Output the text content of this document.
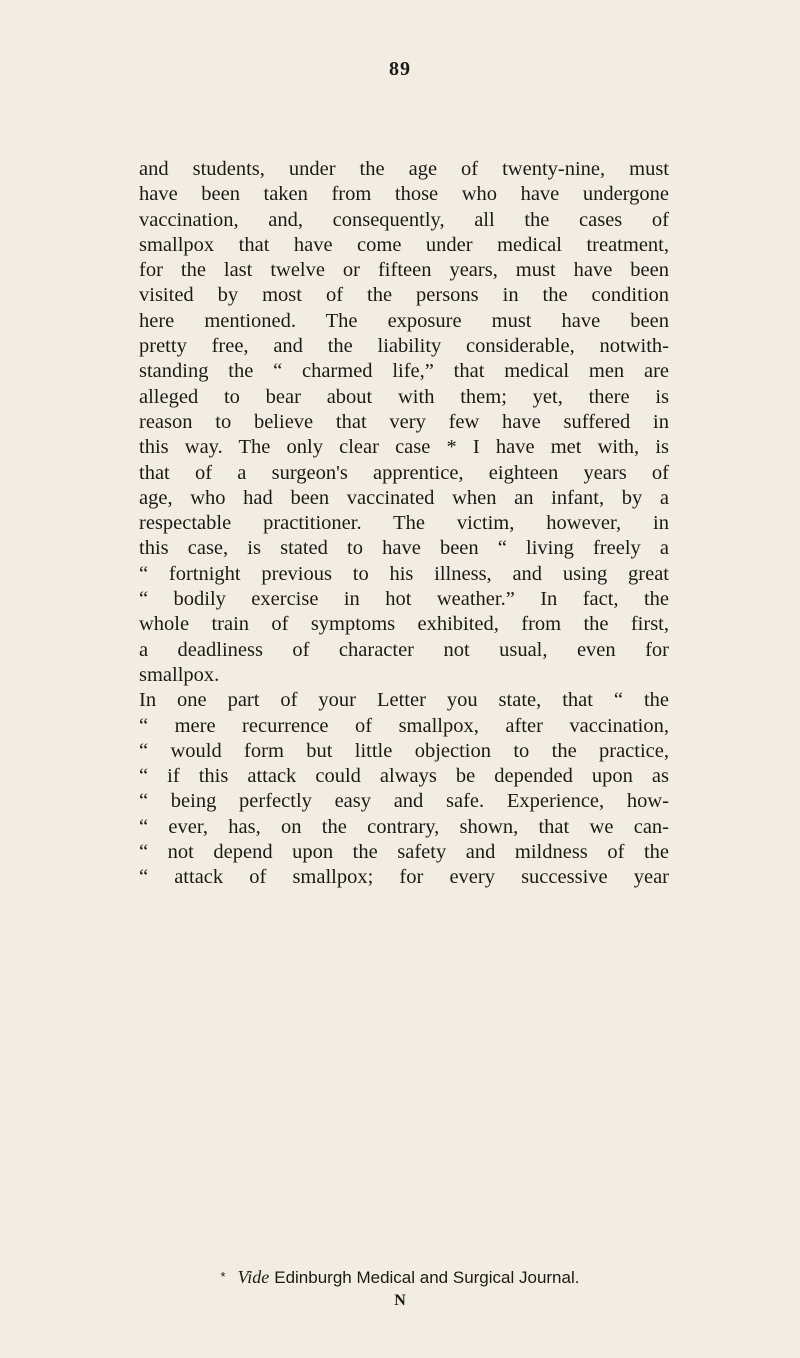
89
and students, under the age of twenty-nine, must
have been taken from those who have undergone
vaccination, and, consequently, all the cases of
smallpox that have come under medical treatment,
for the last twelve or fifteen years, must have been
visited by most of the persons in the condition
here mentioned. The exposure must have been
pretty free, and the liability considerable, notwith-
standing the “ charmed life,” that medical men are
alleged to bear about with them; yet, there is
reason to believe that very few have suffered in
this way. The only clear case * I have met with, is
that of a surgeon's apprentice, eighteen years of
age, who had been vaccinated when an infant, by a
respectable practitioner. The victim, however, in
this case, is stated to have been “ living freely a
“ fortnight previous to his illness, and using great
“ bodily exercise in hot weather.” In fact, the
whole train of symptoms exhibited, from the first,
a deadliness of character not usual, even for
smallpox.
In one part of your Letter you state, that “ the
“ mere recurrence of smallpox, after vaccination,
“ would form but little objection to the practice,
“ if this attack could always be depended upon as
“ being perfectly easy and safe. Experience, how-
“ ever, has, on the contrary, shown, that we can-
“ not depend upon the safety and mildness of the
“ attack of smallpox; for every successive year
* Vide Edinburgh Medical and Surgical Journal.
N
